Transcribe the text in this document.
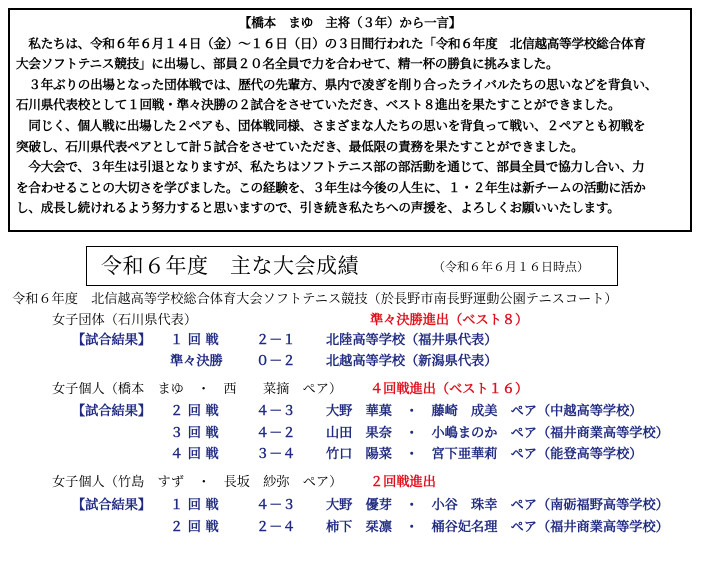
【橋本　まゆ　主将（３年）から一言】

　私たちは、令和６年６月１４日（金）～１６日（日）の３日間行われた「令和６年度　北信越高等学校総合体育

大会ソフトテニス競技」に出場し、部員２０名全員で力を合わせて、精一杯の勝負に挑みました。

　３年ぶりの出場となった団体戦では、歴代の先輩方、県内で凌ぎを削り合ったライバルたちの思いなどを背負い、

石川県代表校として１回戦・準々決勝の２試合をさせていただき、ベスト８進出を果たすことができました。

　同じく、個人戦に出場した２ペアも、団体戦同様、さまざまな人たちの思いを背負って戦い、２ペアとも初戦を

突破し、石川県代表ペアとして計５試合をさせていただき、最低限の責務を果たすことができました。

　今大会で、３年生は引退となりますが、私たちはソフトテニス部の部活動を通じて、部員全員で協力し合い、力

を合わせることの大切さを学びました。この経験を、３年生は今後の人生に、１・２年生は新チームの活動に活か

し、成長し続けれるよう努力すると思いますので、引き続き私たちへの声援を、よろしくお願いいたします。

令和６年度　主な大会成績	（令和６年６月１６日時点）
令和６年度　北信越高等学校総合体育大会ソフトテニス競技（於長野市南長野運動公園テニスコート）
女子団体（石川県代表）	準々決勝進出（ベスト８）
【試合結果】 １ 回 戦	２－１ 北陸高等学校（福井県代表）
準々決勝	０－２ 北越高等学校（新潟県代表）
女子個人（橋本　まゆ　・　西　　菜摘　ペア） ４回戦進出（ベスト１６）
【試合結果】 ２ 回 戦	４－３ 大野　華菓　・　藤崎　成美　ペア（中越高等学校）
３ 回 戦	４－２ 山田　果奈　・　小嶋まのか　ペア（福井商業高等学校）
４ 回 戦	３－４ 竹口　陽菜　・　宮下亜華莉　ペア（能登高等学校）
女子個人（竹島　すず　・　長坂　紗弥　ペア） ２回戦進出
【試合結果】 １ 回 戦	４－３ 大野　優芽　・　小谷　珠幸　ペア（南砺福野高等学校）
２ 回 戦	２－４ 柿下　栞凛　・　桶谷妃名理　ペア（福井商業高等学校）
